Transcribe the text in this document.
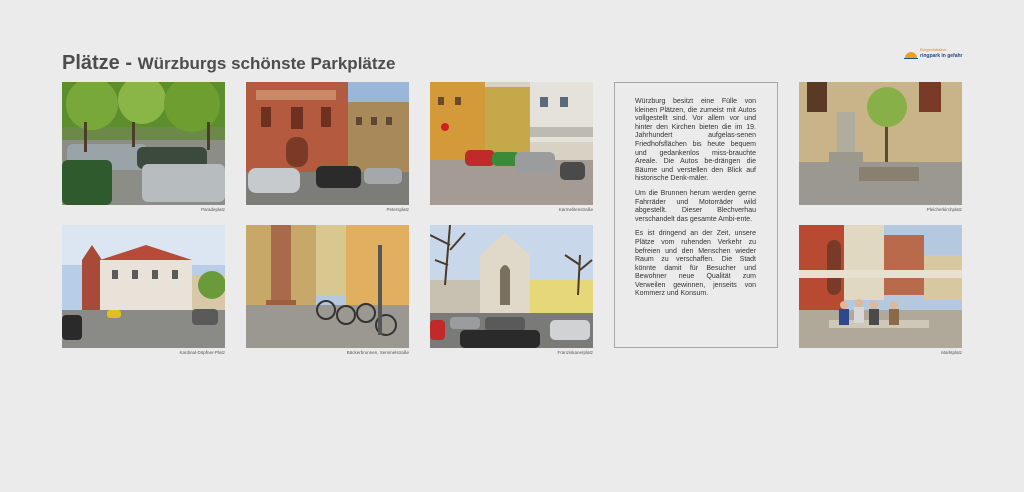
Plätze - Würzburgs schönste Parkplätze
Bürgerinitiative
ringpark in gefahr
Paradeplatz	Petersplatz	Karmelitenstraße	Pleicherkirchplatz
Kardinal-Döpfner-Platz	Bäckerbrunnen, Semmelstraße	Franziskanerplatz	Marktplatz

Würzburg besitzt eine Fülle von kleinen Plätzen, die zumeist mit Autos vollgestellt sind. Vor allem vor und hinter den Kirchen bieten die im 19. Jahrhundert aufgelas-senen Friedhofsflächen bis heute bequem und gedankenlos miss-brauchte Areale. Die Autos be-drängen die Bäume und verstellen den Blick auf historische Denk-mäler.

Um die Brunnen herum werden gerne Fahrräder und Motorräder wild abgestellt. Dieser Blechverhau verschandelt das gesamte Ambi-ente.

Es ist dringend an der Zeit, unsere Plätze vom ruhenden Verkehr zu befreien und den Menschen wieder Raum zu verschaffen. Die Stadt könnte damit für Besucher und Bewohner neue Qualität zum Verweilen gewinnen, jenseits von Kommerz und Konsum.
